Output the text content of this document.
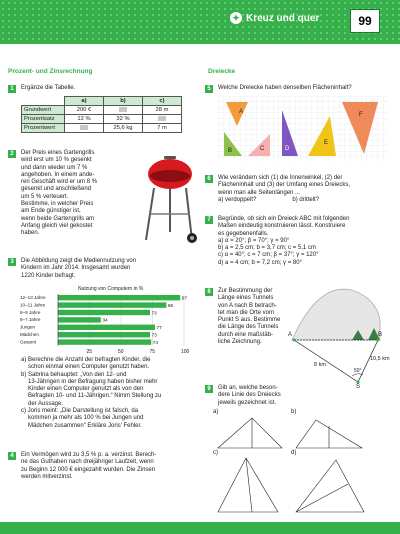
✦ Kreuz und quer	99
Prozent- und Zinsrechnung
1	Ergänze die Tabelle.
	a)	b)	c)
Grundwert	200 €		28 m
Prozentsatz	12 %	32 %	
Prozentwert		25,6 kg	7 m
2	Der Preis eines Gartengrills
wird erst um 10 % gesenkt
und dann wieder um 7 %
angehoben. In einem ande-
ren Geschäft wird er um 8 %
gesenkt und anschließend
um 5 % verteuert.
Bestimme, in welcher Preis
am Ende günstiger ist,
wenn beide Gartengrills am
Anfang gleich viel gekostet
haben.
3	Die Abbildung zeigt die Mediennutzung von
Kindern im Jahr 2014. Insgesamt wurden
1220 Kinder befragt.
Nutzung von Computern in %
25	50	75	100
12–13 Jahre	97
10–11 Jahre	86
8–9 Jahre	73
6–7 Jahre	34
Jungen	77
Mädchen	73
Gesamt	74
a) Berechne die Anzahl der befragten Kinder, die
schon einmal einen Computer genutzt haben.
b) Sabrina behauptet: „Von den 12- und
13-Jährigen in der Befragung haben bisher mehr
Kinder einen Computer genutzt als von den
Befragten 10- und 11-Jährigen.“ Nimm Stellung zu
der Aussage.
c) Joris meint: „Die Darstellung ist falsch, da
kommen ja mehr als 100 % bei Jungen und
Mädchen zusammen“ Erkläre Joris' Fehler.
4	Ein Vermögen wird zu 3,5 % p. a. verzinst. Berech-
ne das Guthaben nach dreijähriger Laufzeit, wenn
zu Beginn 12 000 € eingezahlt wurden. Die Zinsen
werden mitverzinst.
Dreiecke
5	Welche Dreiecke haben denselben Flächeninhalt?
A
B	C	D
E
F
6	Wie verändern sich (1) die Innenwinkel, (2) der
Flächeninhalt und (3) der Umfang eines Dreiecks,
wenn man alle Seitenlängen ...
a) verdoppelt?	b) drittelt?
7	Begründe, ob sich ein Dreieck ABC mit folgenden
Maßen eindeutig konstruieren lässt. Konstruiere
es gegebenenfalls.
a) α = 20°; β = 70°; γ = 90°
b) a = 2,5 cm; b = 3,7 cm; c = 5,1 cm
c) α = 40°; c = 7 cm; β = 37°; γ = 120°
d) a = 4 cm; b = 7,2 cm; γ = 80°
8	Zur Bestimmung der
Länge eines Tunnels
von A nach B betrach-
tet man die Orte vom
Punkt S aus. Bestimme
die Länge des Tunnels
durch eine maßstäb-
liche Zeichnung.
A	B
S
8 km
10,5 km
50°
9	Gib an, welche beson-
dere Linie des Dreiecks
jeweils gezeichnet ist.
a)	b)
c)	d)
